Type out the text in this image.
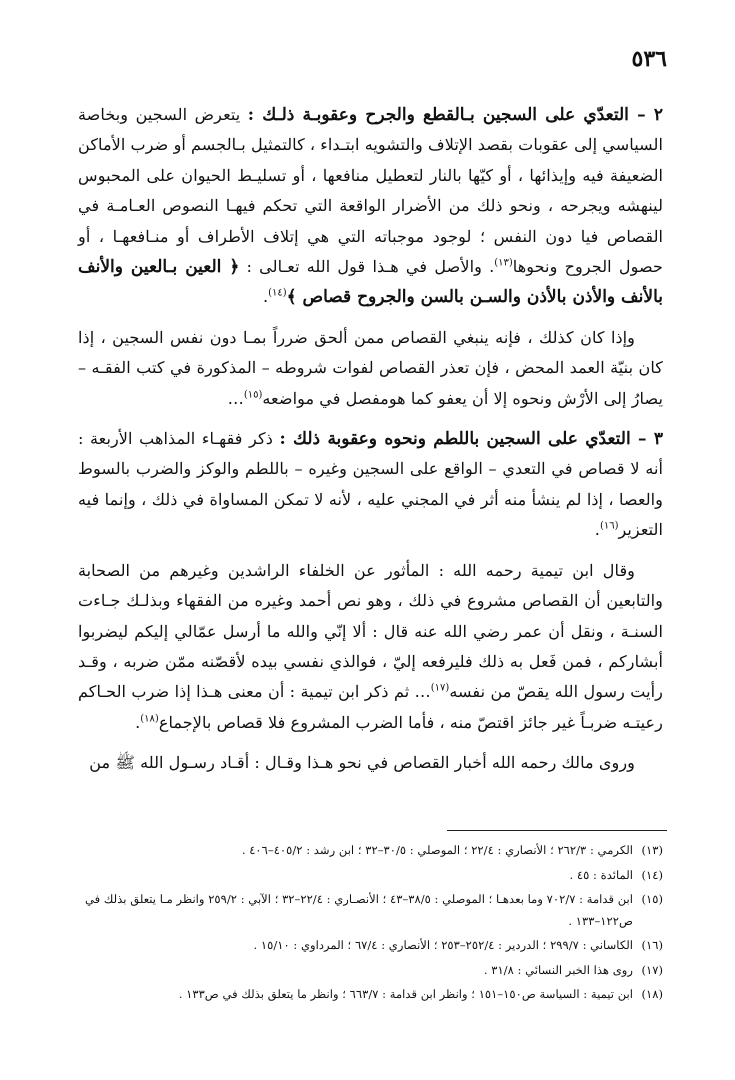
٥٣٦

٢ – التعدّي على السجين بـالقطع والجرح وعقوبـة ذلـك : يتعرض السجين وبخاصة السياسي إلى عقوبات بقصد الإتلاف والتشويه ابتـداء ، كالتمثيل بـالجسم أو ضرب الأماكن الضعيفة فيه وإيذائها ، أو كيّها بالنار لتعطيل منافعها ، أو تسليـط الحيوان على المحبوس لينهشه ويجرحه ، ونحو ذلك من الأضرار الواقعة التي تحكم فيهـا النصوص العـامـة في القصاص فيا دون النفس ؛ لوجود موجباته التي هي إتلاف الأطراف أو منـافعهـا ، أو حصول الجروح ونحوها$^{(١٣)}$. والأصل في هـذا قول الله تعـالى : ﴿ العين بـالعين والأنف بالأنف والأذن بالأذن والسـن بالسن والجروح قصاص ﴾$^{(١٤)}$.

وإذا كان كذلك ، فإنه ينبغي القصاص ممن ألحق ضرراً بمـا دون نفس السجين ، إذا كان بنيّة العمد المحض ، فإن تعذر القصاص لفوات شروطه – المذكورة في كتب الفقـه – يصارُ إلى الأرْش ونحوه إلا أن يعفو كما هومفصل في مواضعه$^{(١٥)}$…

٣ – التعدّي على السجين باللطم ونحوه وعقوبة ذلك : ذكر فقهـاء المذاهب الأربعة : أنه لا قصاص في التعدي – الواقع على السجين وغيره – باللطم والوكز والضرب بالسوط والعصا ، إذا لم ينشأ منه أثر في المجني عليه ، لأنه لا تمكن المساواة في ذلك ، وإنما فيه التعزير$^{(١٦)}$.

وقال ابن تيمية رحمه الله : المأثور عن الخلفاء الراشدين وغيرهم من الصحابة والتابعين أن القصاص مشروع في ذلك ، وهو نص أحمد وغيره من الفقهاء وبذلـك جـاءت السنـة ، ونقل أن عمر رضي الله عنه قال : ألا إنّي والله ما أرسل عمّالي إليكم ليضربوا أبشاركم ، فمن فَعل به ذلك فليرفعه إليّ ، فوالذي نفسي بيده لأقصّنه ممّن ضربه ، وقـد رأيت رسول الله يقصّ من نفسه$^{(١٧)}$… ثم ذكر ابن تيمية : أن معنى هـذا إذا ضرب الحـاكم رعيتـه ضربـاً غير جائز اقتصّ منه ، فأما الضرب المشروع فلا قصاص بالإجماع$^{(١٨)}$.

وروى مالك رحمه الله أخبار القصاص في نحو هـذا وقـال : أقـاد رسـول الله ﷺ من

(١٣)الكرمي : ٢٦٢/٣ ؛ الأنصاري : ٢٢/٤ ؛ الموصلي : ٣٠/٥–٣٢ ؛ ابن رشد : ٤٠٥/٢–٤٠٦ .
(١٤)المائدة : ٤٥ .
(١٥)ابن قدامة : ٧٠٢/٧ وما بعدهـا ؛ الموصلي : ٣٨/٥–٤٣ ؛ الأنصـاري : ٢٢/٤–٣٢ ؛ الآبي : ٢٥٩/٢ وانظر مـا يتعلق بذلك في ص١٢٢–١٣٣ .
(١٦)الكاساني : ٢٩٩/٧ ؛ الدردير : ٢٥٢/٤–٢٥٣ ؛ الأنصاري : ٦٧/٤ ؛ المرداوي : ١٥/١٠ .
(١٧)روى هذا الخبر النسائي : ٣١/٨ .
(١٨)ابن تيمية : السياسة ص١٥٠–١٥١ ؛ وانظر ابن قدامة : ٦٦٣/٧ ؛ وانظر ما يتعلق بذلك في ص١٣٣ .
